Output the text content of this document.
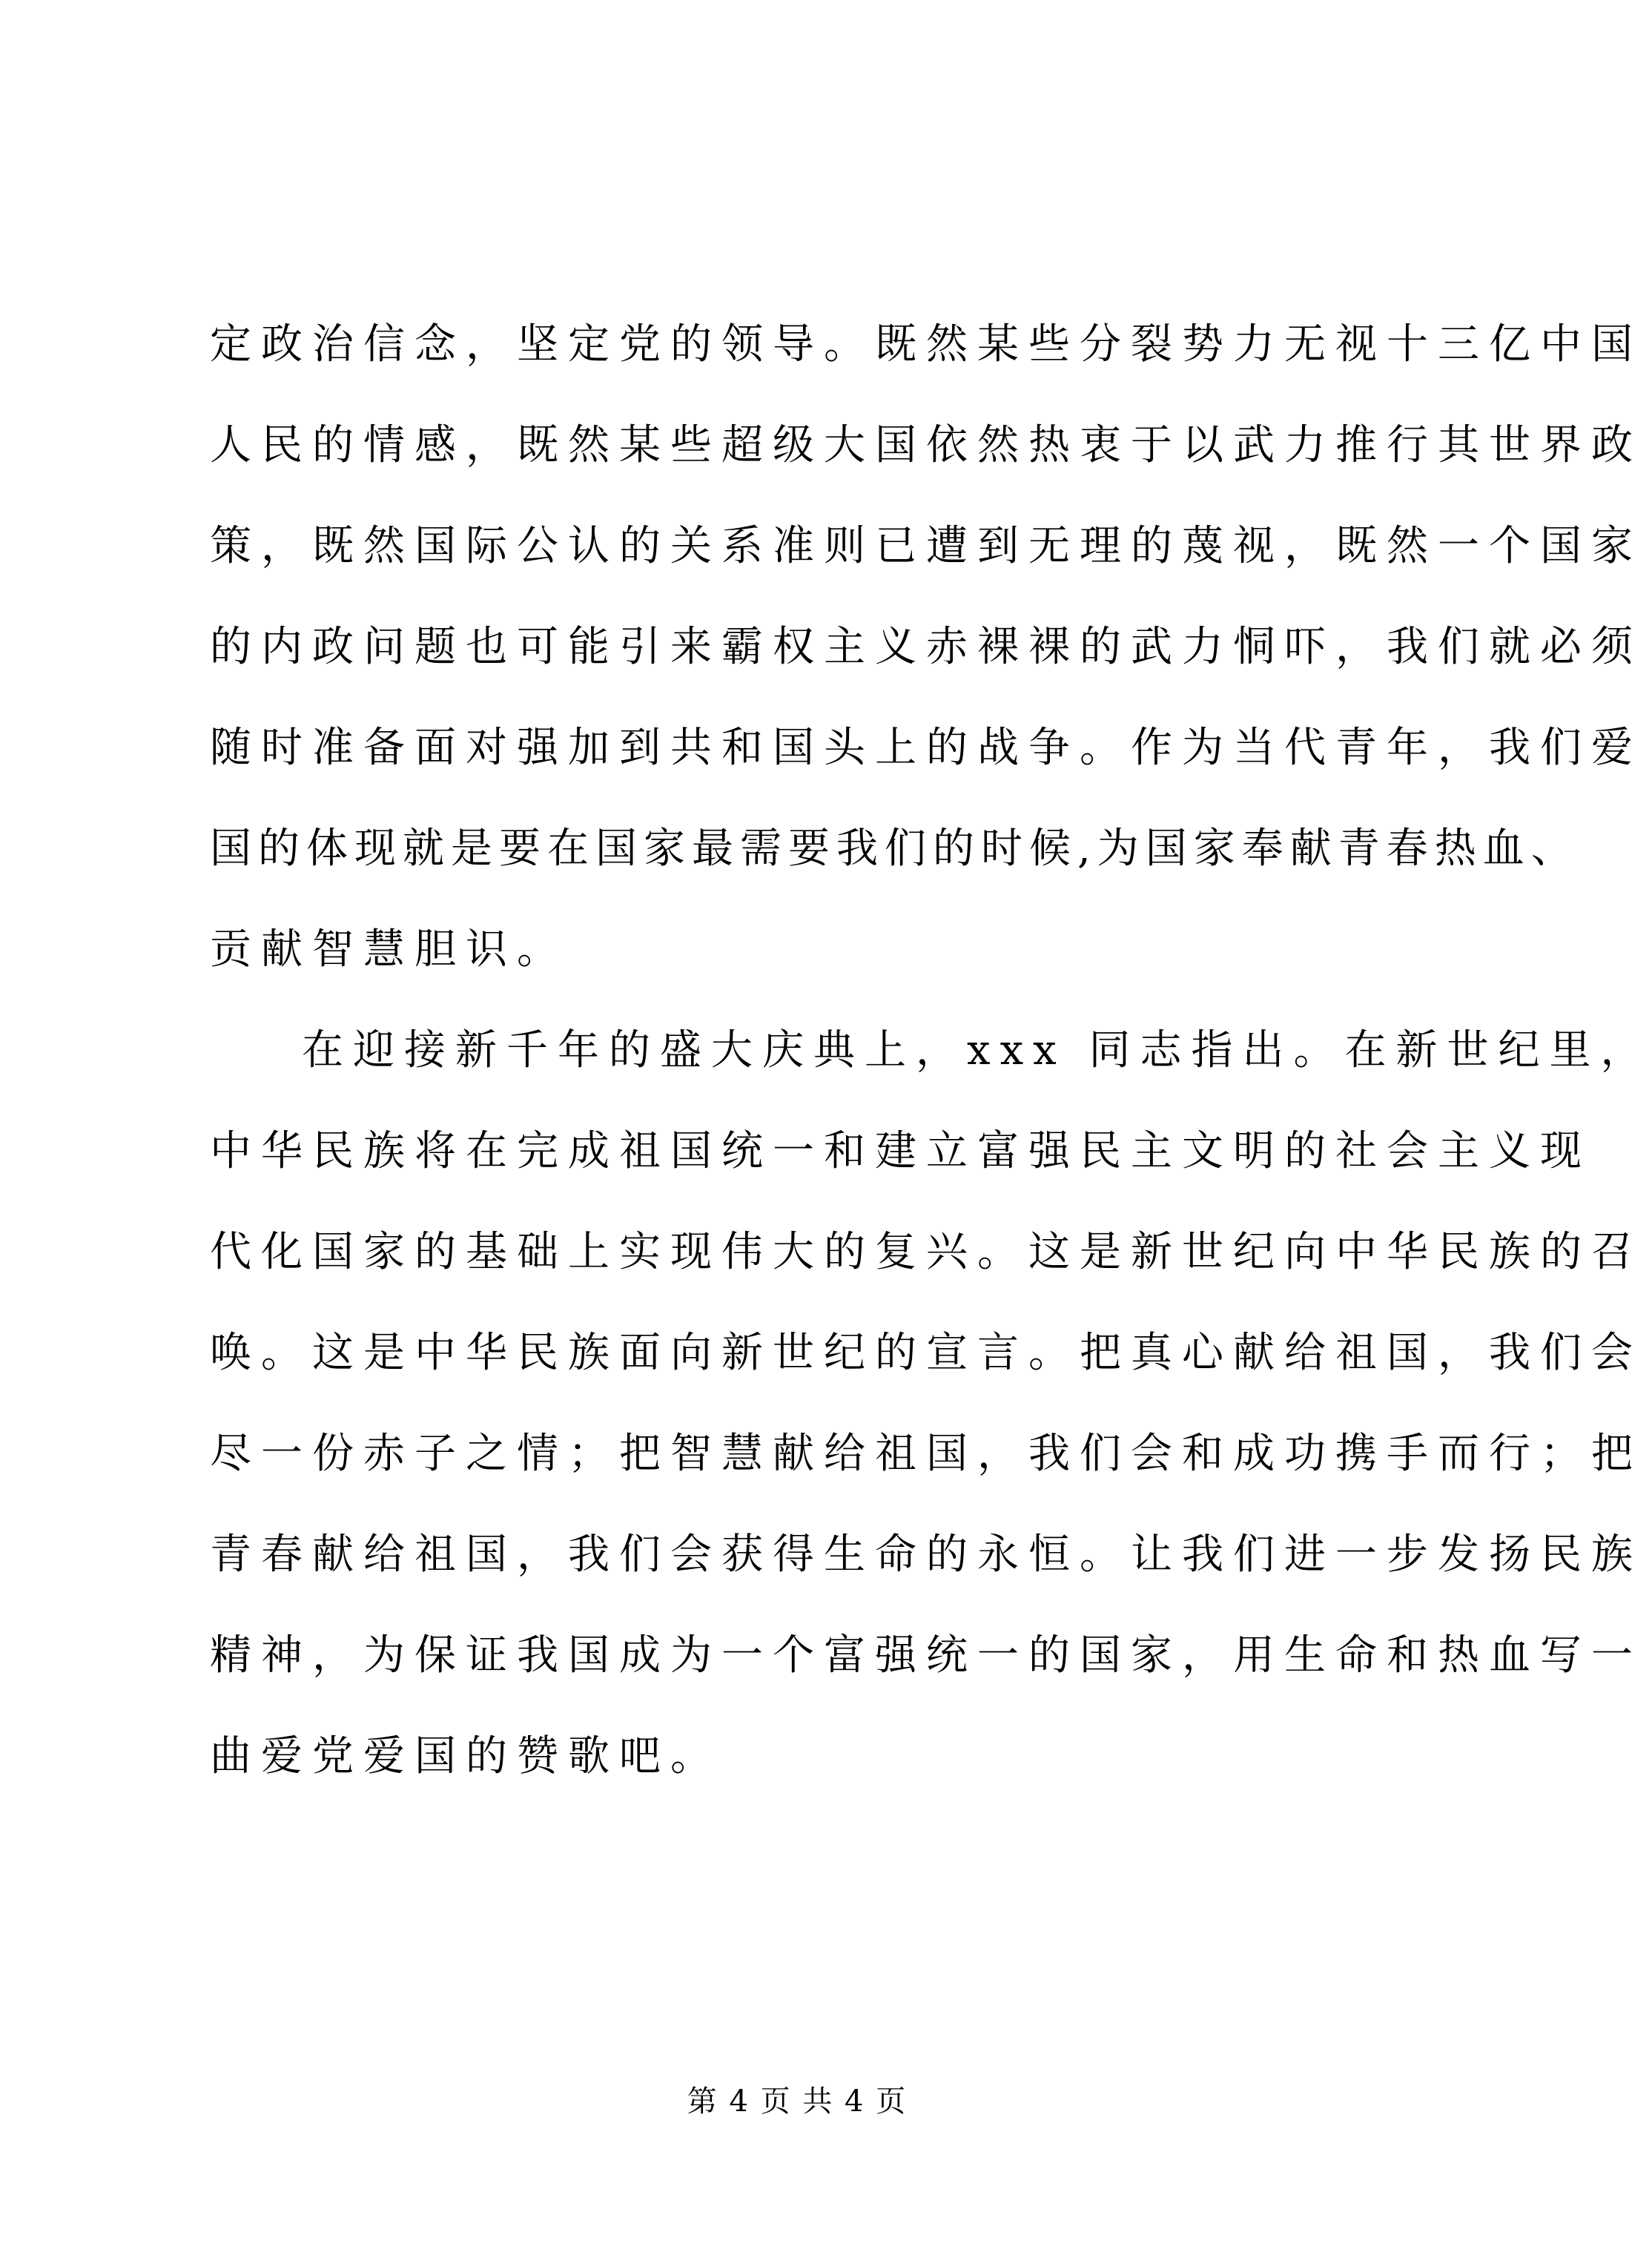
定政治信念，坚定党的领导。既然某些分裂势力无视十三亿中国
人民的情感，既然某些超级大国依然热衷于以武力推行其世界政
策，既然国际公认的关系准则已遭到无理的蔑视，既然一个国家
的内政问题也可能引来霸权主义赤裸裸的武力恫吓，我们就必须
随时准备面对强加到共和国头上的战争。作为当代青年，我们爱
国的体现就是要在国家最需要我们的时候,为国家奉献青春热血、
贡献智慧胆识。
在迎接新千年的盛大庆典上，xxx 同志指出。在新世纪里，
中华民族将在完成祖国统一和建立富强民主文明的社会主义现
代化国家的基础上实现伟大的复兴。这是新世纪向中华民族的召
唤。这是中华民族面向新世纪的宣言。把真心献给祖国，我们会
尽一份赤子之情；把智慧献给祖国，我们会和成功携手而行；把
青春献给祖国，我们会获得生命的永恒。让我们进一步发扬民族
精神，为保证我国成为一个富强统一的国家，用生命和热血写一
曲爱党爱国的赞歌吧。
第 4 页 共 4 页
